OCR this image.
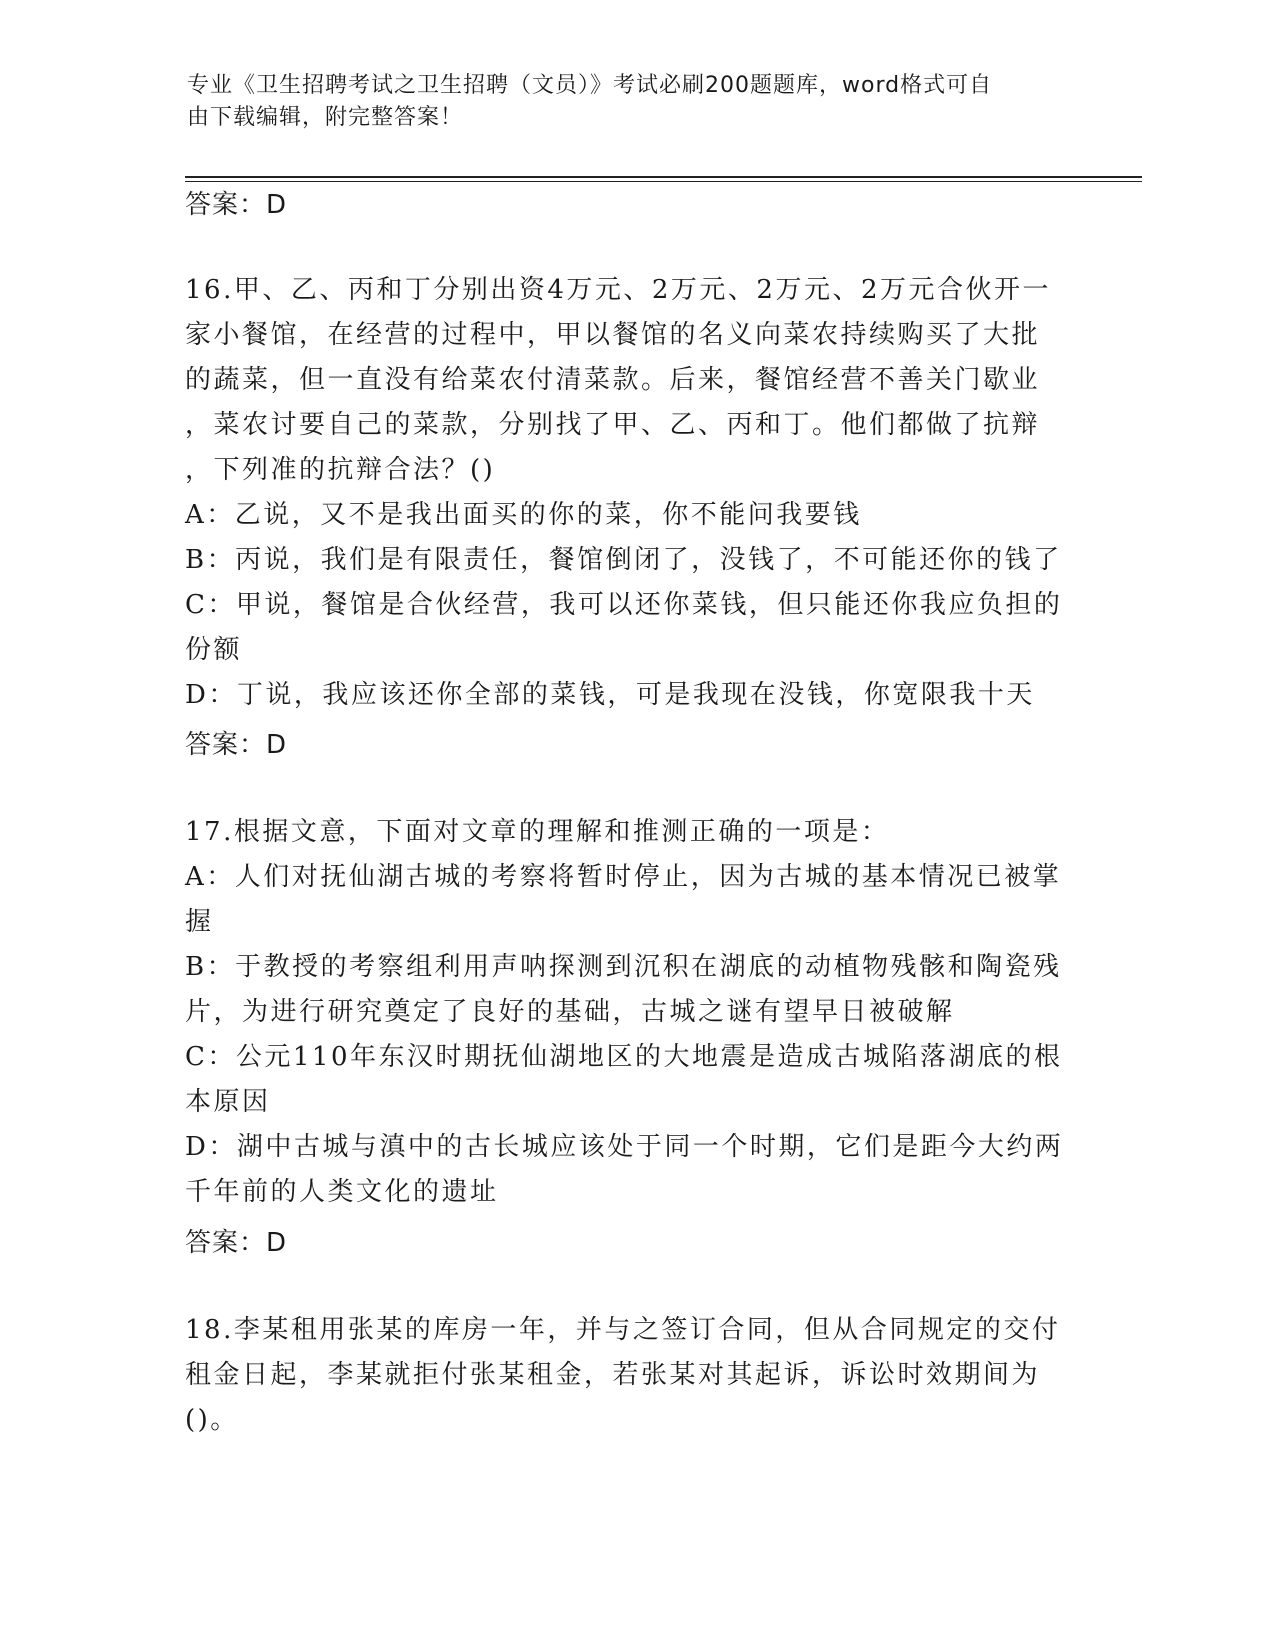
专业《卫生招聘考试之卫生招聘（文员）》考试必刷200题题库，word格式可自
由下载编辑，附完整答案！
答案：D
16.甲、乙、丙和丁分别出资4万元、2万元、2万元、2万元合伙开一
家小餐馆，在经营的过程中，甲以餐馆的名义向菜农持续购买了大批
的蔬菜，但一直没有给菜农付清菜款。后来，餐馆经营不善关门歇业
，菜农讨要自己的菜款，分别找了甲、乙、丙和丁。他们都做了抗辩
，下列准的抗辩合法？()
A：乙说，又不是我出面买的你的菜，你不能问我要钱
B：丙说，我们是有限责任，餐馆倒闭了，没钱了，不可能还你的钱了
C：甲说，餐馆是合伙经营，我可以还你菜钱，但只能还你我应负担的
份额
D：丁说，我应该还你全部的菜钱，可是我现在没钱，你宽限我十天
答案：D
17.根据文意，下面对文章的理解和推测正确的一项是：
A：人们对抚仙湖古城的考察将暂时停止，因为古城的基本情况已被掌
握
B：于教授的考察组利用声呐探测到沉积在湖底的动植物残骸和陶瓷残
片，为进行研究奠定了良好的基础，古城之谜有望早日被破解
C：公元110年东汉时期抚仙湖地区的大地震是造成古城陷落湖底的根
本原因
D：湖中古城与滇中的古长城应该处于同一个时期，它们是距今大约两
千年前的人类文化的遗址
答案：D
18.李某租用张某的库房一年，并与之签订合同，但从合同规定的交付
租金日起，李某就拒付张某租金，若张某对其起诉，诉讼时效期间为
()。
